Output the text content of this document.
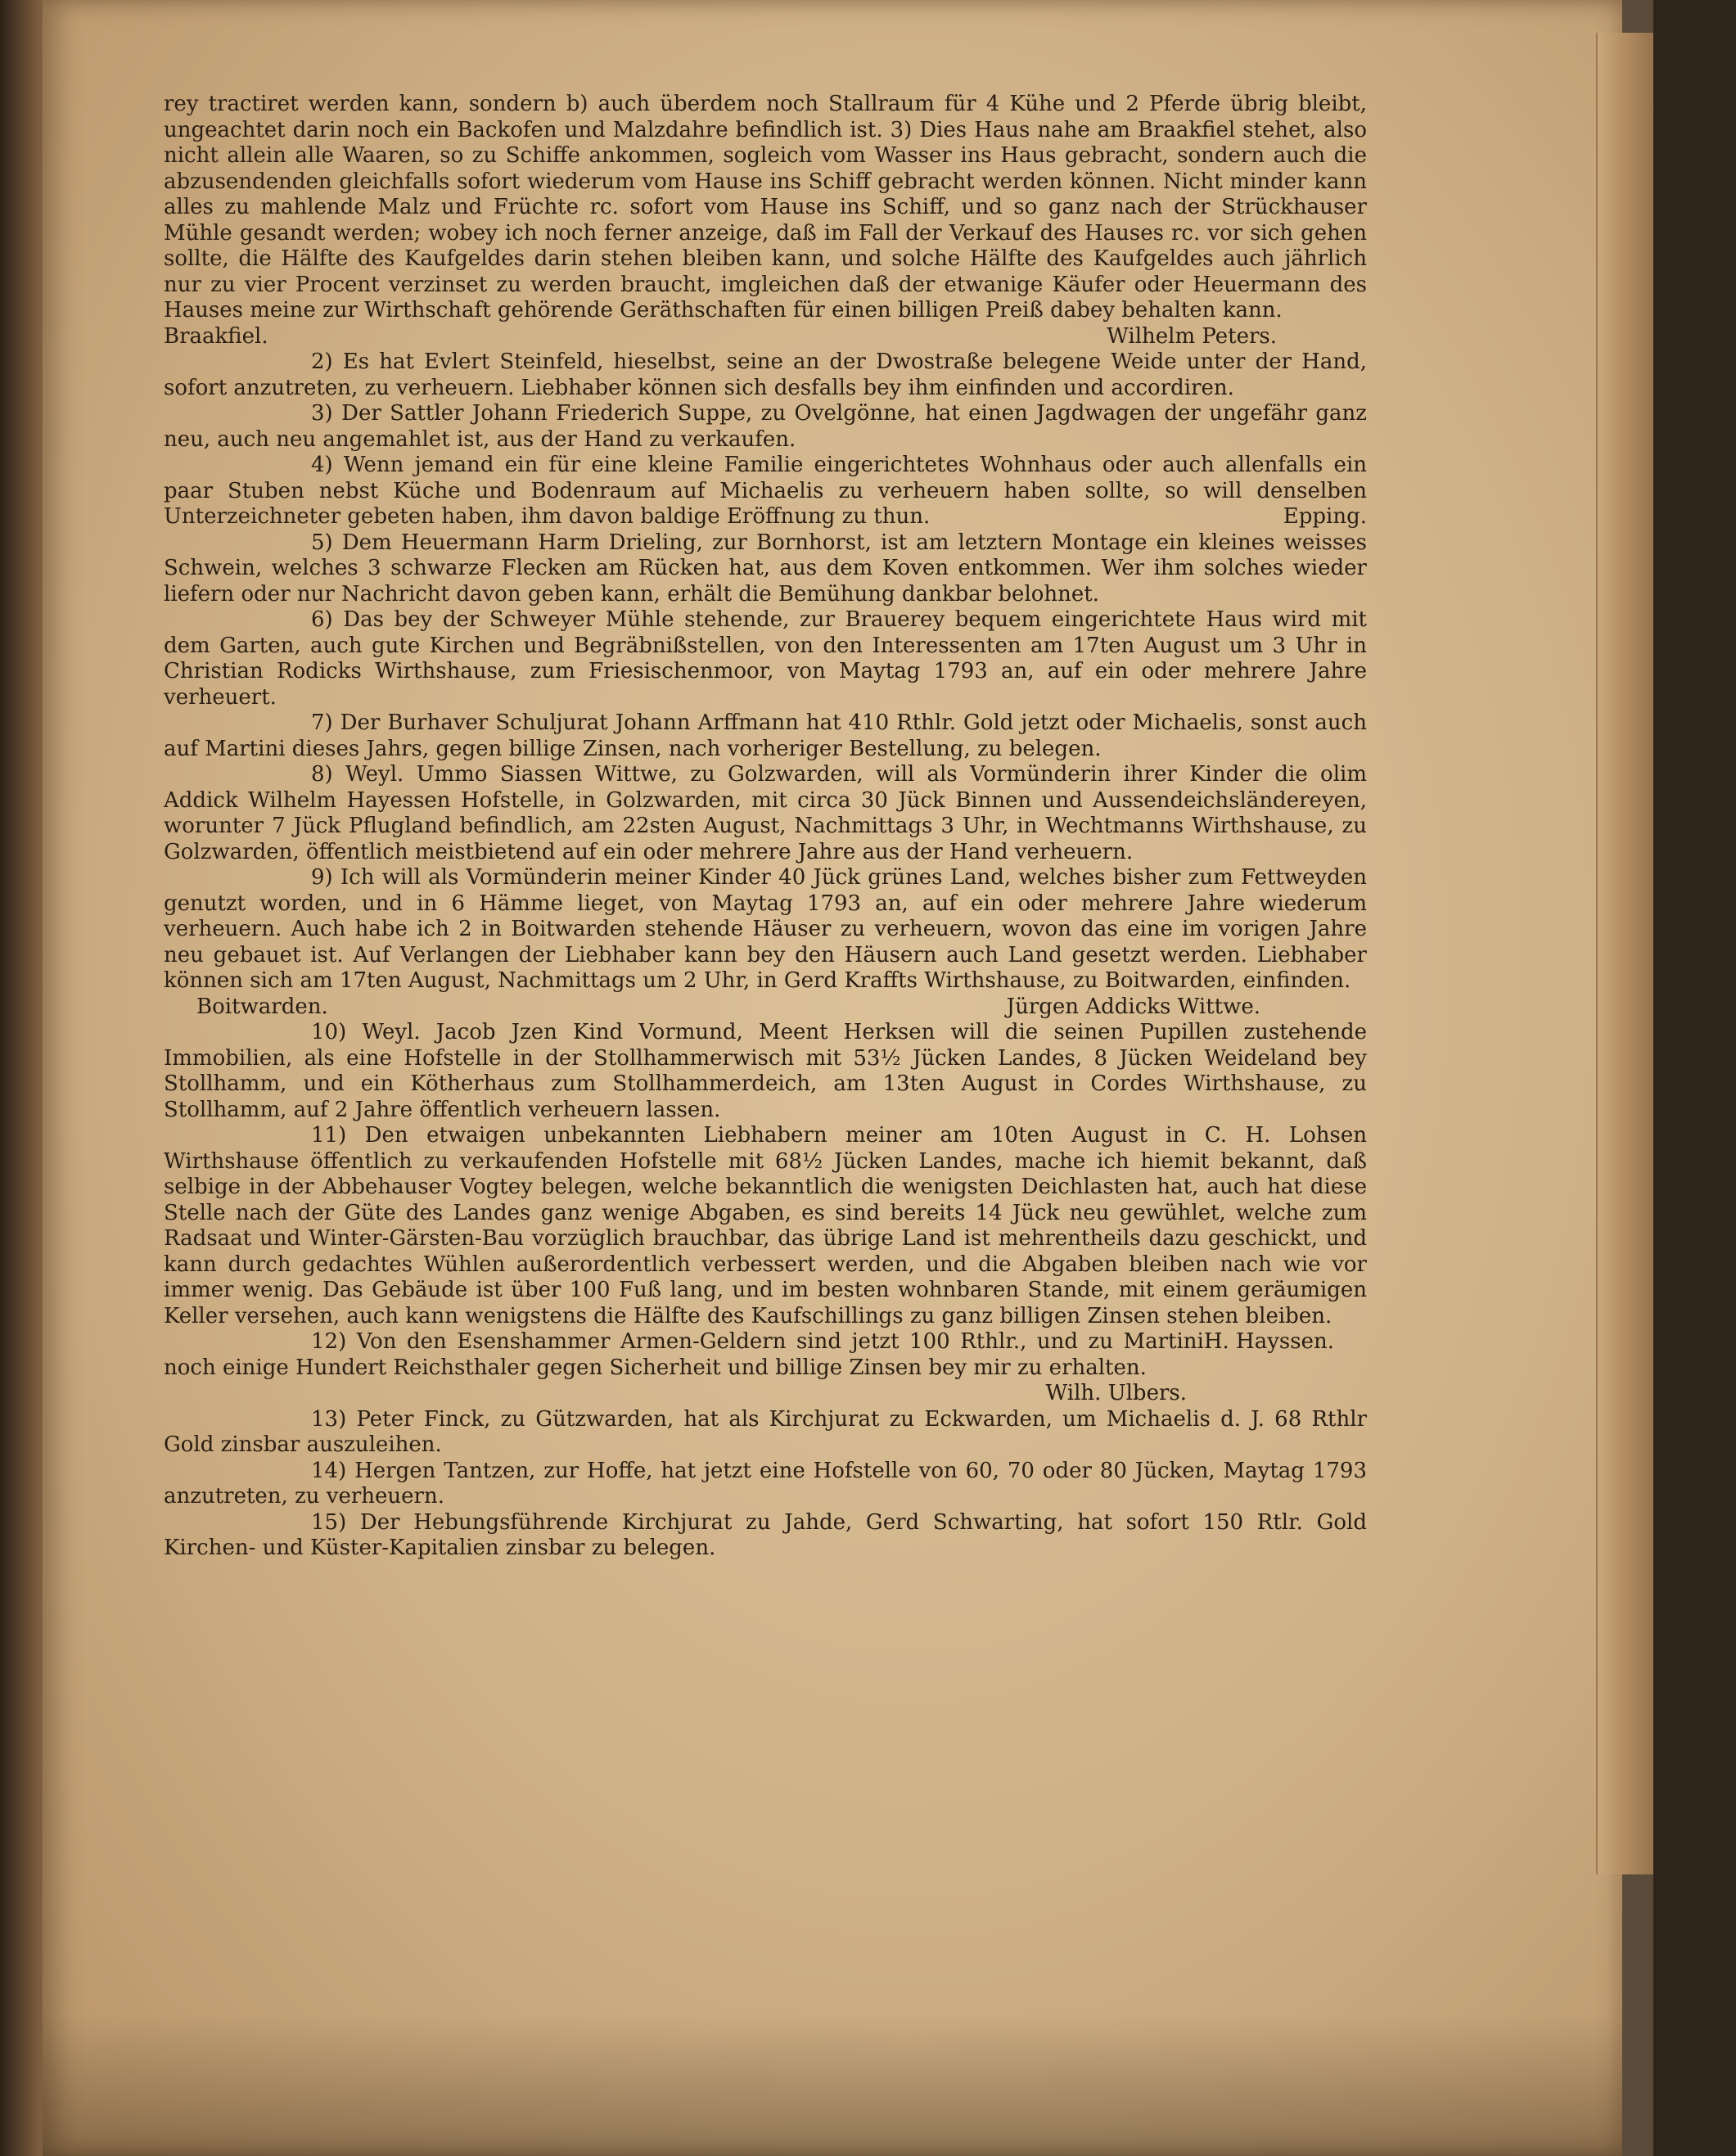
rey tractiret werden kann, sondern b) auch überdem noch Stallraum für 4 Kühe und 2 Pferde übrig bleibt, ungeachtet darin noch ein Backofen und Malzdahre befindlich ist. 3) Dies Haus nahe am Braakfiel stehet, also nicht allein alle Waaren, so zu Schiffe ankommen, sogleich vom Wasser ins Haus gebracht, sondern auch die abzusendenden gleichfalls sofort wiederum vom Hause ins Schiff gebracht werden können. Nicht minder kann alles zu mahlende Malz und Früchte rc. sofort vom Hause ins Schiff, und so ganz nach der Strückhauser Mühle gesandt werden; wobey ich noch ferner anzeige, daß im Fall der Verkauf des Hauses rc. vor sich gehen sollte, die Hälfte des Kaufgeldes darin stehen bleiben kann, und solche Hälfte des Kaufgeldes auch jährlich nur zu vier Procent verzinset zu werden braucht, imgleichen daß der etwanige Käufer oder Heuermann des Hauses meine zur Wirthschaft gehörende Geräthschaften für einen billigen Preiß dabey behalten kann.

Braakfiel.	Wilhelm Peters.

2) Es hat Evlert Steinfeld, hieselbst, seine an der Dwostraße belegene Weide unter der Hand, sofort anzutreten, zu verheuern. Liebhaber können sich desfalls bey ihm einfinden und accordiren.

3) Der Sattler Johann Friederich Suppe, zu Ovelgönne, hat einen Jagdwagen der ungefähr ganz neu, auch neu angemahlet ist, aus der Hand zu verkaufen.

4) Wenn jemand ein für eine kleine Familie eingerichtetes Wohnhaus oder auch allenfalls ein paar Stuben nebst Küche und Bodenraum auf Michaelis zu verheuern haben sollte, so will denselben Unterzeichneter gebeten haben, ihm davon baldige Eröffnung zu thun.	Epping.

5) Dem Heuermann Harm Drieling, zur Bornhorst, ist am letztern Montage ein kleines weisses Schwein, welches 3 schwarze Flecken am Rücken hat, aus dem Koven entkommen. Wer ihm solches wieder liefern oder nur Nachricht davon geben kann, erhält die Bemühung dankbar belohnet.

6) Das bey der Schweyer Mühle stehende, zur Brauerey bequem eingerichtete Haus wird mit dem Garten, auch gute Kirchen und Begräbnißstellen, von den Interessenten am 17ten August um 3 Uhr in Christian Rodicks Wirthshause, zum Friesischenmoor, von Maytag 1793 an, auf ein oder mehrere Jahre verheuert.

7) Der Burhaver Schuljurat Johann Arffmann hat 410 Rthlr. Gold jetzt oder Michaelis, sonst auch auf Martini dieses Jahrs, gegen billige Zinsen, nach vorheriger Bestellung, zu belegen.

8) Weyl. Ummo Siassen Wittwe, zu Golzwarden, will als Vormünderin ihrer Kinder die olim Addick Wilhelm Hayessen Hofstelle, in Golzwarden, mit circa 30 Jück Binnen und Aussendeichsländereyen, worunter 7 Jück Pflugland befindlich, am 22sten August, Nachmittags 3 Uhr, in Wechtmanns Wirthshause, zu Golzwarden, öffentlich meistbietend auf ein oder mehrere Jahre aus der Hand verheuern.

9) Ich will als Vormünderin meiner Kinder 40 Jück grünes Land, welches bisher zum Fettweyden genutzt worden, und in 6 Hämme lieget, von Maytag 1793 an, auf ein oder mehrere Jahre wiederum verheuern. Auch habe ich 2 in Boitwarden stehende Häuser zu verheuern, wovon das eine im vorigen Jahre neu gebauet ist. Auf Verlangen der Liebhaber kann bey den Häusern auch Land gesetzt werden. Liebhaber können sich am 17ten August, Nachmittags um 2 Uhr, in Gerd Kraffts Wirthshause, zu Boitwarden, einfinden.

Boitwarden.	Jürgen Addicks Wittwe.

10) Weyl. Jacob Jzen Kind Vormund, Meent Herksen will die seinen Pupillen zustehende Immobilien, als eine Hofstelle in der Stollhammerwisch mit 53½ Jücken Landes, 8 Jücken Weideland bey Stollhamm, und ein Kötherhaus zum Stollhammerdeich, am 13ten August in Cordes Wirthshause, zu Stollhamm, auf 2 Jahre öffentlich verheuern lassen.

11) Den etwaigen unbekannten Liebhabern meiner am 10ten August in C. H. Lohsen Wirthshause öffentlich zu verkaufenden Hofstelle mit 68½ Jücken Landes, mache ich hiemit bekannt, daß selbige in der Abbehauser Vogtey belegen, welche bekanntlich die wenigsten Deichlasten hat, auch hat diese Stelle nach der Güte des Landes ganz wenige Abgaben, es sind bereits 14 Jück neu gewühlet, welche zum Radsaat und Winter-Gärsten-Bau vorzüglich brauchbar, das übrige Land ist mehrentheils dazu geschickt, und kann durch gedachtes Wühlen außerordentlich verbessert werden, und die Abgaben bleiben nach wie vor immer wenig. Das Gebäude ist über 100 Fuß lang, und im besten wohnbaren Stande, mit einem geräumigen Keller versehen, auch kann wenigstens die Hälfte des Kaufschillings zu ganz billigen Zinsen stehen bleiben.
H. Hayssen.

12) Von den Esenshammer Armen-Geldern sind jetzt 100 Rthlr., und zu Martini noch einige Hundert Reichsthaler gegen Sicherheit und billige Zinsen bey mir zu erhalten.

Wilh. Ulbers.

13) Peter Finck, zu Gützwarden, hat als Kirchjurat zu Eckwarden, um Michaelis d. J. 68 Rthlr Gold zinsbar auszuleihen.

14) Hergen Tantzen, zur Hoffe, hat jetzt eine Hofstelle von 60, 70 oder 80 Jücken, Maytag 1793 anzutreten, zu verheuern.

15) Der Hebungsführende Kirchjurat zu Jahde, Gerd Schwarting, hat sofort 150 Rtlr. Gold Kirchen- und Küster-Kapitalien zinsbar zu belegen.
